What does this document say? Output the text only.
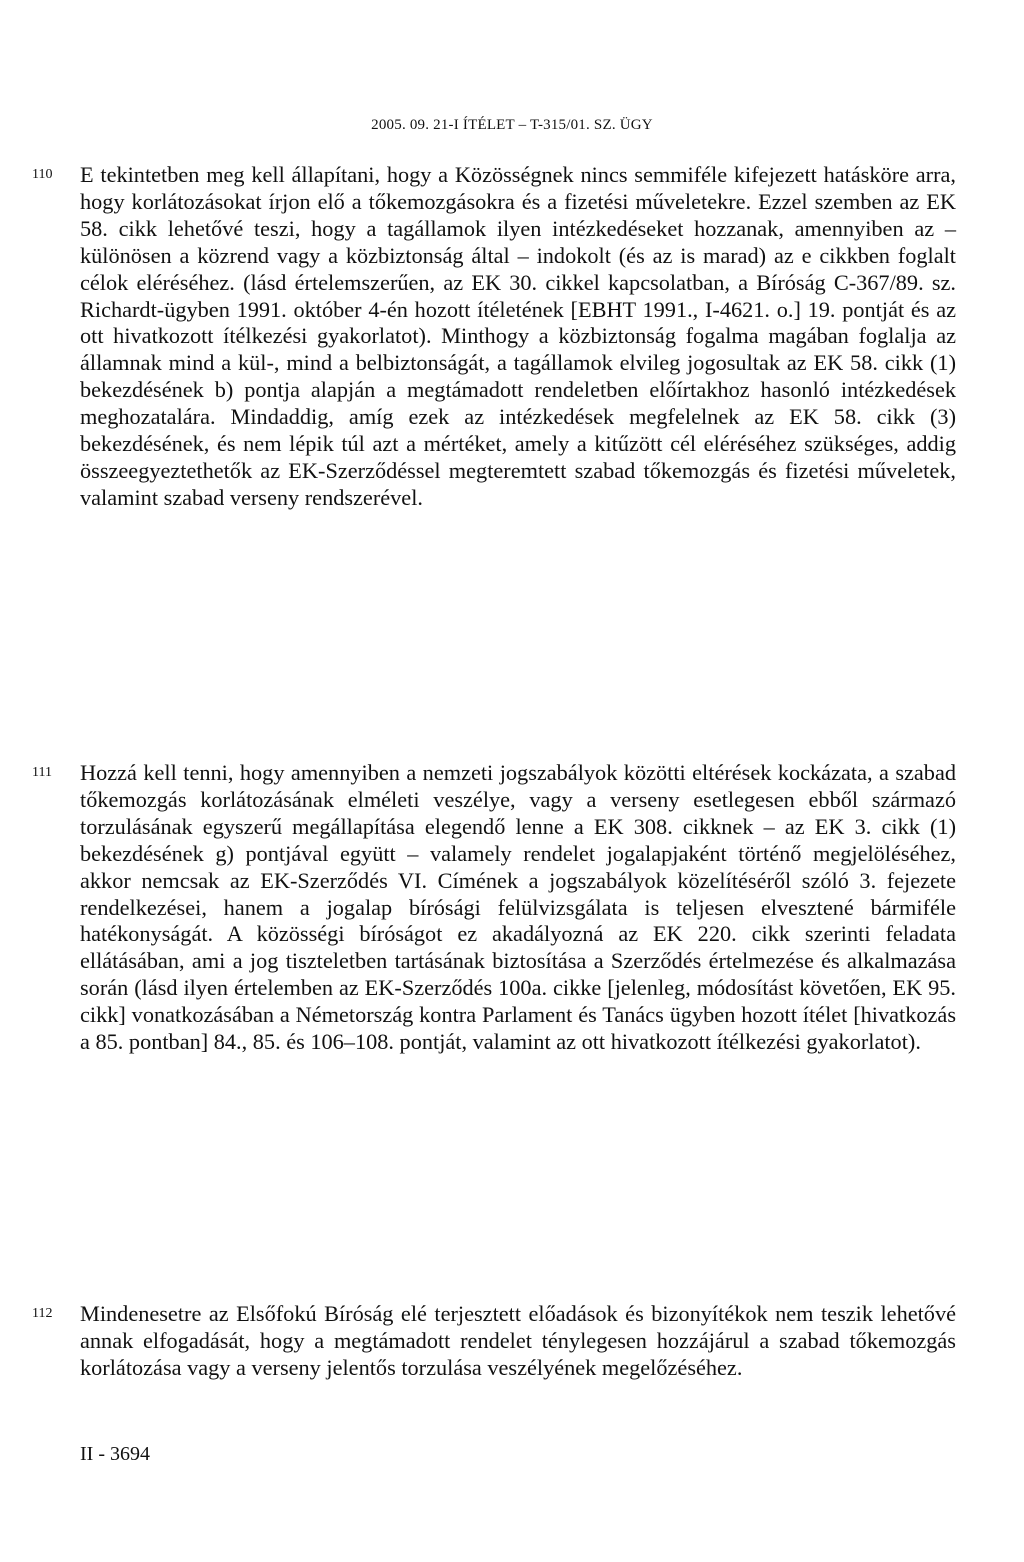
2005. 09. 21-I ÍTÉLET – T-315/01. SZ. ÜGY
110 E tekintetben meg kell állapítani, hogy a Közösségnek nincs semmiféle kifejezett hatásköre arra, hogy korlátozásokat írjon elő a tőkemozgásokra és a fizetési műveletekre. Ezzel szemben az EK 58. cikk lehetővé teszi, hogy a tagállamok ilyen intézkedéseket hozzanak, amennyiben az – különösen a közrend vagy a közbiztonság által – indokolt (és az is marad) az e cikkben foglalt célok eléréséhez. (lásd értelemszerűen, az EK 30. cikkel kapcsolatban, a Bíróság C-367/89. sz. Richardt-ügyben 1991. október 4-én hozott ítéletének [EBHT 1991., I-4621. o.] 19. pontját és az ott hivatkozott ítélkezési gyakorlatot). Minthogy a közbiztonság fogalma magában foglalja az államnak mind a kül-, mind a belbiztonságát, a tagállamok elvileg jogosultak az EK 58. cikk (1) bekezdésének b) pontja alapján a megtámadott rendeletben előírtakhoz hasonló intézkedések meghozatalára. Mindaddig, amíg ezek az intézkedések megfelelnek az EK 58. cikk (3) bekezdésének, és nem lépik túl azt a mértéket, amely a kitűzött cél eléréséhez szükséges, addig összeegyeztethetők az EK-Szerződéssel megteremtett szabad tőkemozgás és fizetési műveletek, valamint szabad verseny rendszerével.
111 Hozzá kell tenni, hogy amennyiben a nemzeti jogszabályok közötti eltérések kockázata, a szabad tőkemozgás korlátozásának elméleti veszélye, vagy a verseny esetlegesen ebből származó torzulásának egyszerű megállapítása elegendő lenne a EK 308. cikknek – az EK 3. cikk (1) bekezdésének g) pontjával együtt – valamely rendelet jogalapjaként történő megjelöléséhez, akkor nemcsak az EK-Szerződés VI. Címének a jogszabályok közelítéséről szóló 3. fejezete rendelkezései, hanem a jogalap bírósági felülvizsgálata is teljesen elvesztené bármiféle hatékonyságát. A közösségi bíróságot ez akadályozná az EK 220. cikk szerinti feladata ellátásában, ami a jog tiszteletben tartásának biztosítása a Szerződés értelmezése és alkalmazása során (lásd ilyen értelemben az EK-Szerződés 100a. cikke [jelenleg, módosítást követően, EK 95. cikk] vonatkozásában a Németország kontra Parlament és Tanács ügyben hozott ítélet [hivatkozás a 85. pontban] 84., 85. és 106–108. pontját, valamint az ott hivatkozott ítélkezési gyakorlatot).
112 Mindenesetre az Elsőfokú Bíróság elé terjesztett előadások és bizonyítékok nem teszik lehetővé annak elfogadását, hogy a megtámadott rendelet ténylegesen hozzájárul a szabad tőkemozgás korlátozása vagy a verseny jelentős torzulása veszélyének megelőzéséhez.
II - 3694
